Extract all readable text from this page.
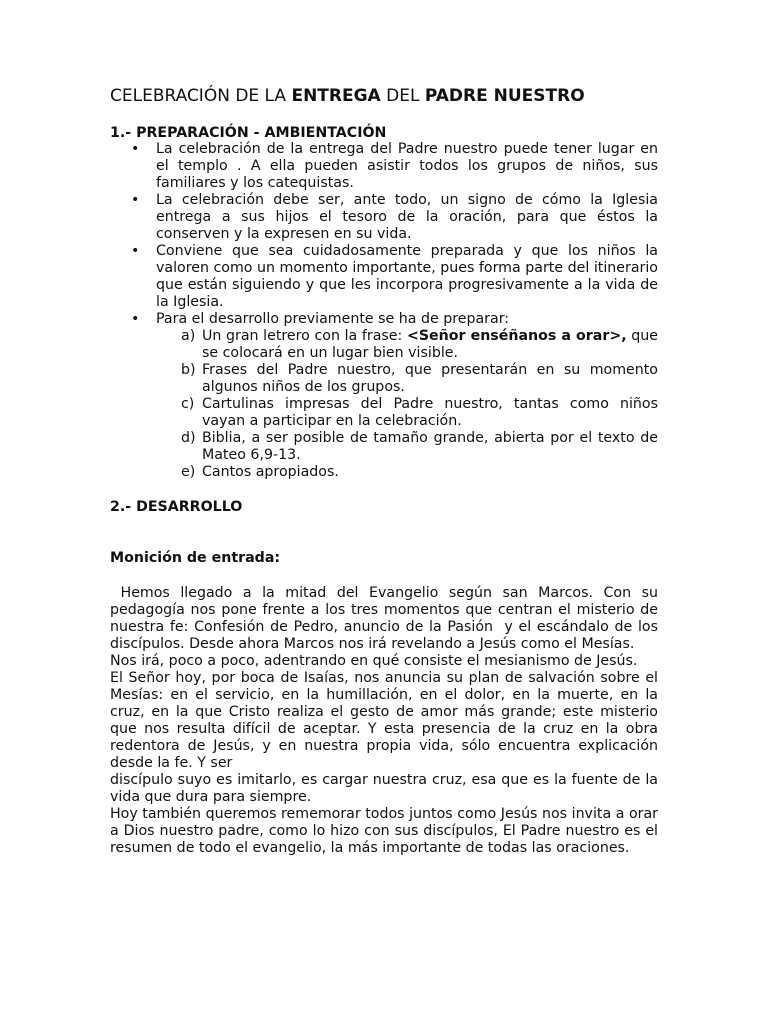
CELEBRACIÓN DE LA ENTREGA DEL PADRE NUESTRO
1.- PREPARACIÓN - AMBIENTACIÓN
• La celebración de la entrega del Padre nuestro puede tener lugar en el templo . A ella pueden asistir todos los grupos de niños, sus familiares y los catequistas.
• La celebración debe ser, ante todo, un signo de cómo la Iglesia entrega a sus hijos el tesoro de la oración, para que éstos la conserven y la expresen en su vida.
• Conviene que sea cuidadosamente preparada y que los niños la valoren como un momento importante, pues forma parte del itinerario que están siguiendo y que les incorpora progresivamente a la vida de la Iglesia.
• Para el desarrollo previamente se ha de preparar:
a) Un gran letrero con la frase: <Señor enséñanos a orar>, que se colocará en un lugar bien visible.
b) Frases del Padre nuestro, que presentarán en su momento algunos niños de los grupos.
c) Cartulinas impresas del Padre nuestro, tantas como niños vayan a participar en la celebración.
d) Biblia, a ser posible de tamaño grande, abierta por el texto de Mateo 6,9-13.
e) Cantos apropiados.
2.- DESARROLLO
Monición de entrada:

Hemos llegado a la mitad del Evangelio según san Marcos. Con su pedagogía nos pone frente a los tres momentos que centran el misterio de nuestra fe: Confesión de Pedro, anuncio de la Pasión  y el escándalo de los discípulos. Desde ahora Marcos nos irá revelando a Jesús como el Mesías.

Nos irá, poco a poco, adentrando en qué consiste el mesianismo de Jesús.

El Señor hoy, por boca de Isaías, nos anuncia su plan de salvación sobre el Mesías: en el servicio, en la humillación, en el dolor, en la muerte, en la cruz, en la que Cristo realiza el gesto de amor más grande; este misterio que nos resulta difícil de aceptar. Y esta presencia de la cruz en la obra redentora de Jesús, y en nuestra propia vida, sólo encuentra explicación desde la fe. Y ser

discípulo suyo es imitarlo, es cargar nuestra cruz, esa que es la fuente de la vida que dura para siempre.

Hoy también queremos rememorar todos juntos como Jesús nos invita a orar a Dios nuestro padre, como lo hizo con sus discípulos, El Padre nuestro es el resumen de todo el evangelio, la más importante de todas las oraciones.
